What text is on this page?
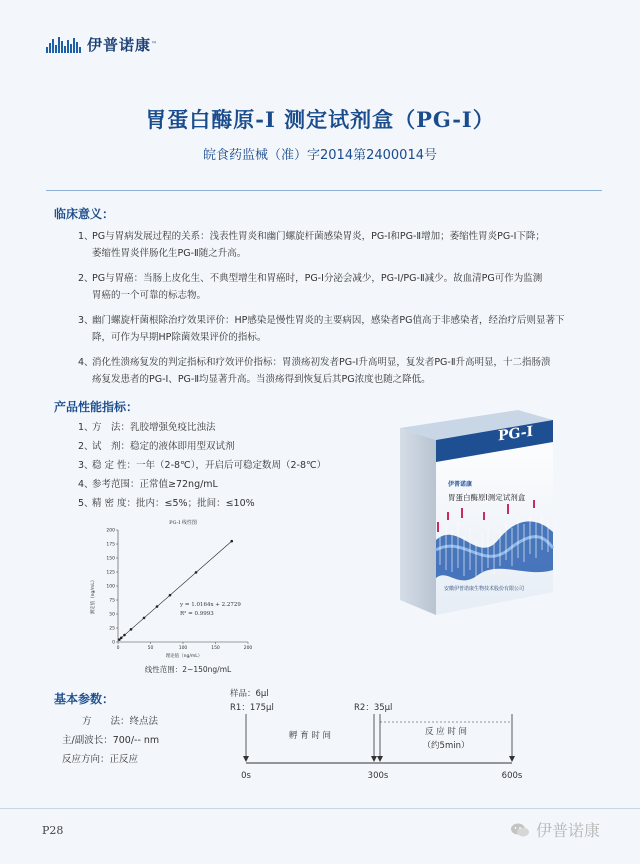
伊普诺康 ™
胃蛋白酶原-I 测定试剂盒（PG-I）
皖食药监械（准）字2014第2400014号
临床意义：
1、PG与胃病发展过程的关系：浅表性胃炎和幽门螺旋杆菌感染胃炎，PG-Ⅰ和PG-Ⅱ增加；萎缩性胃炎PG-Ⅰ下降；
萎缩性胃炎伴肠化生PG-Ⅱ随之升高。
2、PG与胃癌：当肠上皮化生、不典型增生和胃癌时，PG-Ⅰ分泌会减少，PG-Ⅰ/PG-Ⅱ减少。故血清PG可作为监测
胃癌的一个可靠的标志物。
3、幽门螺旋杆菌根除治疗效果评价：HP感染是慢性胃炎的主要病因，感染者PG值高于非感染者，经治疗后则显著下
降，可作为早期HP除菌效果评价的指标。
4、消化性溃疡复发的判定指标和疗效评价指标：胃溃疡初发者PG-Ⅰ升高明显，复发者PG-Ⅱ升高明显，十二指肠溃
疡复发患者的PG-Ⅰ、PG-Ⅱ均显著升高。当溃疡得到恢复后其PG浓度也随之降低。
产品性能指标：
1、方　法：乳胶增强免疫比浊法
2、试　剂：稳定的液体即用型双试剂
3、稳 定 性：一年（2-8℃），开启后可稳定数周（2-8℃）
4、参考范围：正常值≥72ng/mL
5、精 密 度：批内：≤5%；批间：≤10%
PG-I
伊普诺康
胃蛋白酶原Ⅰ测定试剂盒
安徽伊普诺康生物技术股份有限公司
PG-I 线性图
测定值（ng/mL）
理论值（ng/mL）
y = 1.0164x + 2.2729
R² = 0.9993
线性范围：2~150ng/mL
0
25
50
75
100
125
150
175
200
0	50	100	150	200
基本参数：
方　　法：终点法
主/副波长：700/-- nm
反应方向：正反应
样品：6μl
R1：175μl	R2：35μl
孵 育 时 间	反 应 时 间
（约5min）
0s	300s	600s
P28	伊普诺康
